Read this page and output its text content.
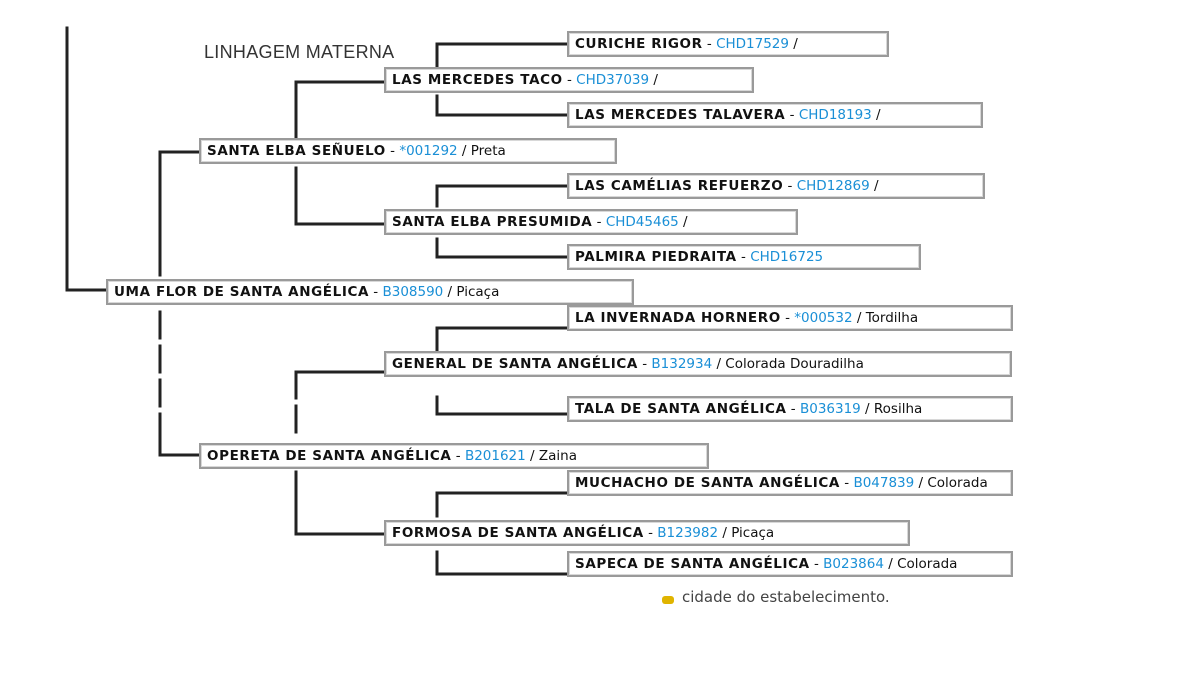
LINHAGEM MATERNA
UMA FLOR DE SANTA ANGÉLICA - B308590 / Picaça
SANTA ELBA SEÑUELO - *001292 / Preta
OPERETA DE SANTA ANGÉLICA - B201621 / Zaina
LAS MERCEDES TACO - CHD37039 /
SANTA ELBA PRESUMIDA - CHD45465 /
GENERAL DE SANTA ANGÉLICA - B132934 / Colorada Douradilha
FORMOSA DE SANTA ANGÉLICA - B123982 / Picaça
CURICHE RIGOR - CHD17529 /
LAS MERCEDES TALAVERA - CHD18193 /
LAS CAMÉLIAS REFUERZO - CHD12869 /
PALMIRA PIEDRAITA - CHD16725
LA INVERNADA HORNERO - *000532 / Tordilha
TALA DE SANTA ANGÉLICA - B036319 / Rosilha
MUCHACHO DE SANTA ANGÉLICA - B047839 / Colorada
SAPECA DE SANTA ANGÉLICA - B023864 / Colorada
cidade do estabelecimento.
